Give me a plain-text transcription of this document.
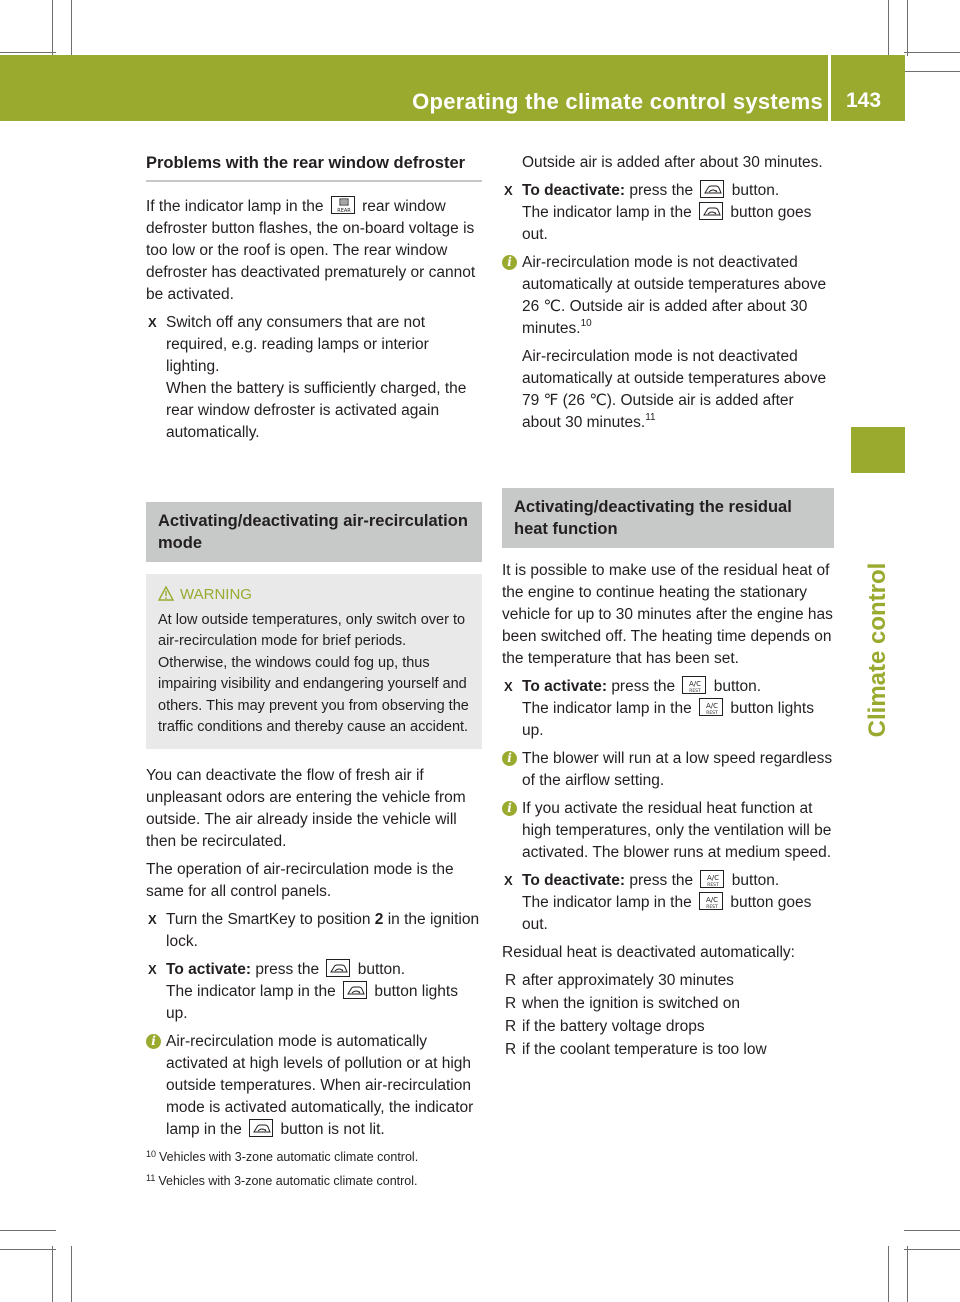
Operating the climate control systems 143
Climate control
Problems with the rear window defroster

If the indicator lamp in the	REAR rear window defroster button flashes, the on-board voltage is too low or the roof is open. The rear window defroster has deactivated prematurely or cannot be activated.

X Switch off any consumers that are not required, e.g. reading lamps or interior lighting.
When the battery is sufficiently charged, the rear window defroster is activated again automatically.
Activating/deactivating air-recirculation mode
WARNING
At low outside temperatures, only switch over to air-recirculation mode for brief periods. Otherwise, the windows could fog up, thus impairing visibility and endangering yourself and others. This may prevent you from observing the traffic conditions and thereby cause an accident.

You can deactivate the flow of fresh air if unpleasant odors are entering the vehicle from outside. The air already inside the vehicle will then be recirculated.

The operation of air-recirculation mode is the same for all control panels.

X Turn the SmartKey to position 2 in the ignition lock.
X To activate: press the button.
The indicator lamp in the button lights up.
i Air-recirculation mode is automatically activated at high levels of pollution or at high outside temperatures. When air-recirculation mode is activated automatically, the indicator lamp in the button is not lit.
$^{10}$ Vehicles with 3-zone automatic climate control.
$^{11}$ Vehicles with 3-zone automatic climate control.
Outside air is added after about 30 minutes.
X To deactivate: press the button.
The indicator lamp in the button goes out.
i Air-recirculation mode is not deactivated automatically at outside temperatures above 26 ℃. Outside air is added after about 30 minutes.$^{10}$
Air-recirculation mode is not deactivated automatically at outside temperatures above 79 ℉ (26 ℃). Outside air is added after about 30 minutes.$^{11}$
Activating/deactivating the residual heat function

It is possible to make use of the residual heat of the engine to continue heating the stationary vehicle for up to 30 minutes after the engine has been switched off. The heating time depends on the temperature that has been set.

X To activate: press the A/C
REST button.
The indicator lamp in the A/C
REST button lights up.
i The blower will run at a low speed regardless of the airflow setting.
i If you activate the residual heat function at high temperatures, only the ventilation will be activated. The blower runs at medium speed.
X To deactivate: press the A/C
REST button.
The indicator lamp in the A/C
REST button goes out.

Residual heat is deactivated automatically:

R after approximately 30 minutes
R when the ignition is switched on
R if the battery voltage drops
R if the coolant temperature is too low
